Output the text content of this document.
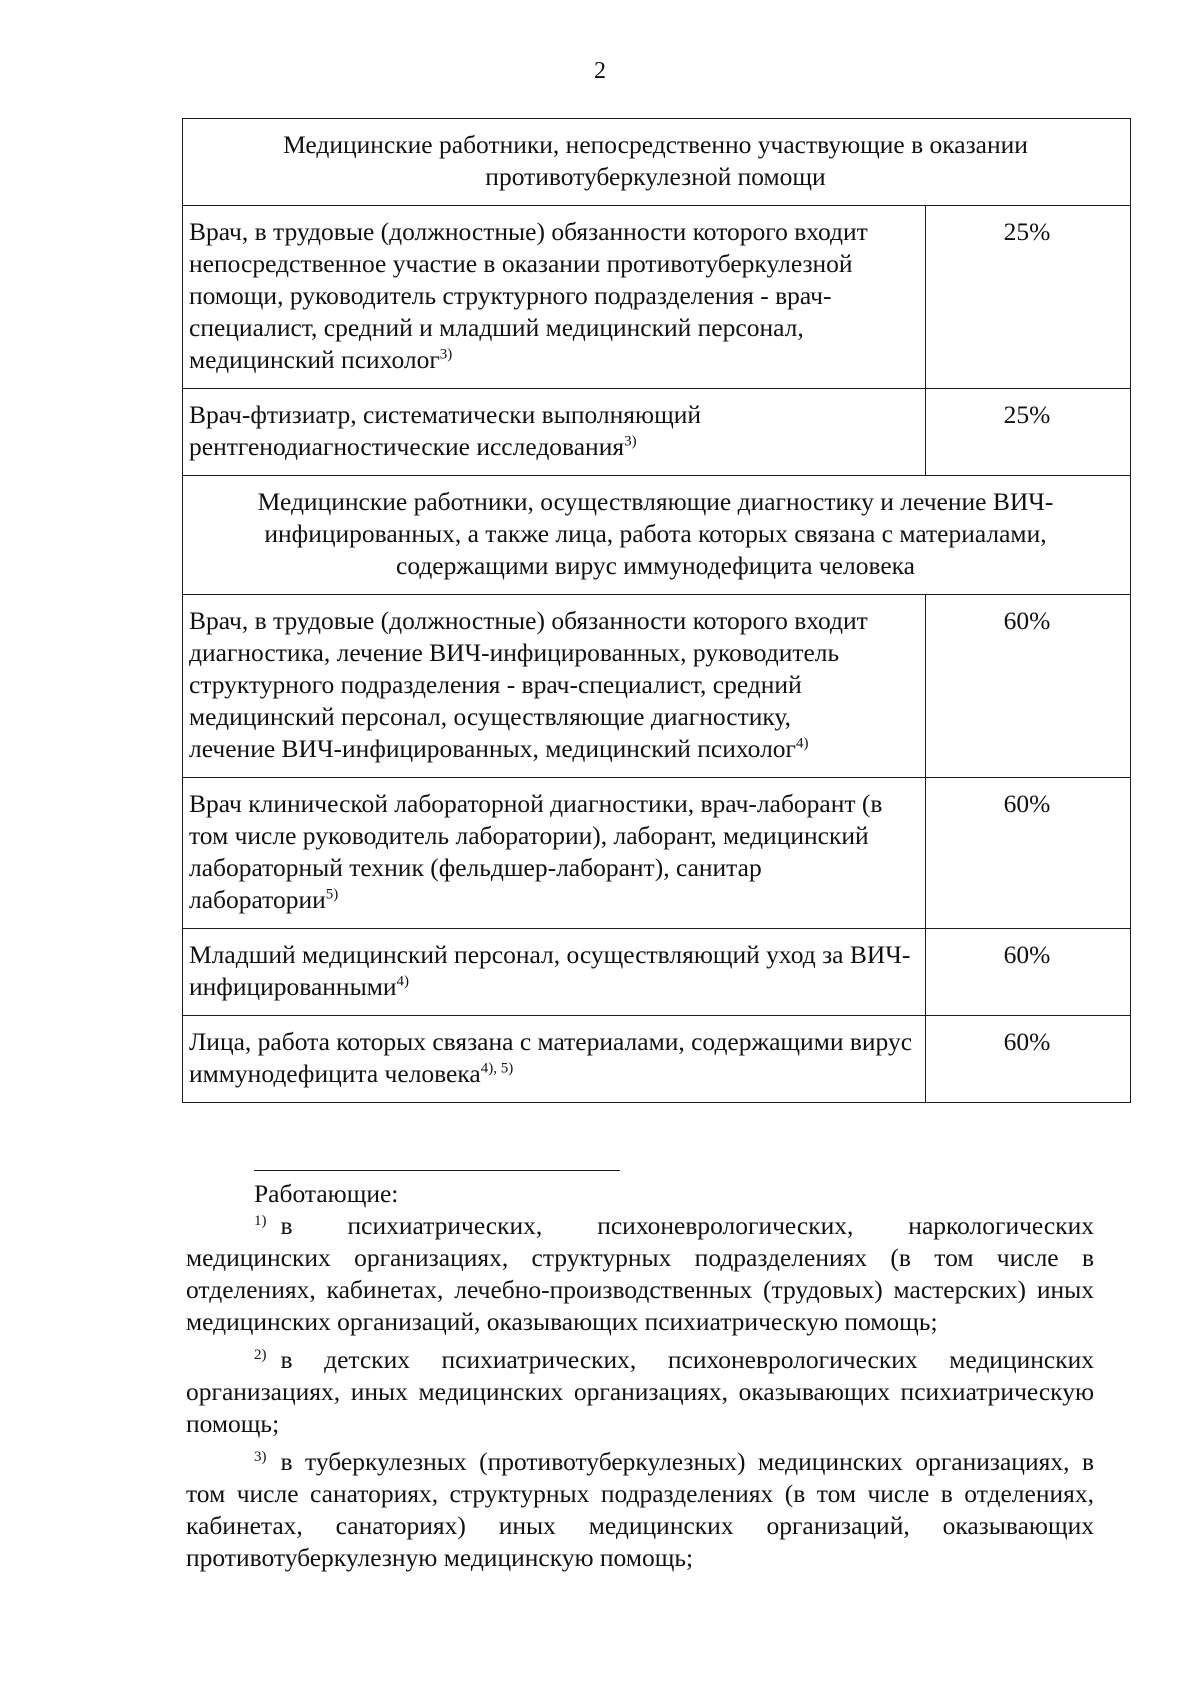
2
Медицинские работники, непосредственно участвующие в оказании противотуберкулезной помощи	
Врач, в трудовые (должностные) обязанности которого входит непосредственное участие в оказании противотуберкулезной помощи, руководитель структурного подразделения - врач-специалист, средний и младший медицинский персонал, медицинский психолог$^{3)}$	25%
Врач-фтизиатр, систематически выполняющий рентгенодиагностические исследования$^{3)}$	25%
Медицинские работники, осуществляющие диагностику и лечение ВИЧ-инфицированных, а также лица, работа которых связана с материалами, содержащими вирус иммунодефицита человека	
Врач, в трудовые (должностные) обязанности которого входит диагностика, лечение ВИЧ-инфицированных, руководитель структурного подразделения - врач-специалист, средний медицинский персонал, осуществляющие диагностику,
лечение ВИЧ-инфицированных, медицинский психолог$^{4)}$	60%
Врач клинической лабораторной диагностики, врач-лаборант (в том числе руководитель лаборатории), лаборант, медицинский лабораторный техник (фельдшер-лаборант), санитар лаборатории$^{5)}$	60%
Младший медицинский персонал, осуществляющий уход за ВИЧ-инфицированными$^{4)}$	60%
Лица, работа которых связана с материалами, содержащими вирус иммунодефицита человека$^{4), 5)}$	60%

Работающие:

$^{1)}$ в психиатрических, психоневрологических, наркологических медицинских организациях, структурных подразделениях (в том числе в отделениях, кабинетах, лечебно-производственных (трудовых) мастерских) иных медицинских организаций, оказывающих психиатрическую помощь;

$^{2)}$ в детских психиатрических, психоневрологических медицинских организациях, иных медицинских организациях, оказывающих психиатрическую помощь;

$^{3)}$ в туберкулезных (противотуберкулезных) медицинских организациях, в том числе санаториях, структурных подразделениях (в том числе в отделениях, кабинетах, санаториях) иных медицинских организаций, оказывающих противотуберкулезную медицинскую помощь;
